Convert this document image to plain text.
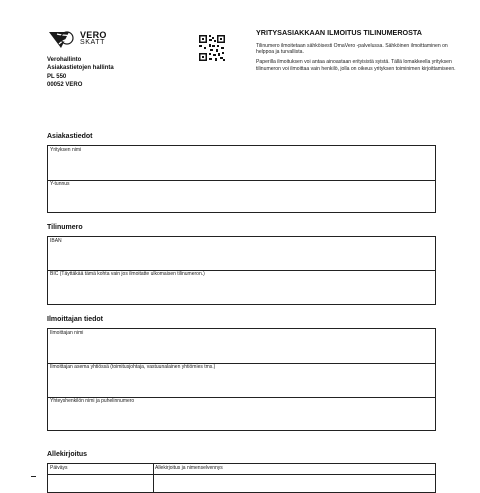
VERO
SKATT
Verohallinto
Asiakastietojen hallinta
PL 550
00052 VERO
YRITYSASIAKKAAN ILMOITUS TILINUMEROSTA

Tilinumero ilmoitetaan sähköisesti OmaVero -palvelussa. Sähköinen ilmoittaminen on helppoa ja turvallista.

Paperilla ilmoituksen voi antaa ainoastaan erityisistä syistä. Tällä lomakkeella yrityksen tilinumeron voi ilmoittaa vain henkilö, jolla on oikeus yrityksen toiminimen kirjoittamiseen.

Asiakastiedot
Yrityksen nimi
Y-tunnus
Tilinumero
IBAN
BIC (Täyttäkää tämä kohta vain jos ilmoitatte ulkomaisen tilinumeron.)
Ilmoittajan tiedot
Ilmoittajan nimi
Ilmoittajan asema yhtiössä (toimitusjohtaja, vastuunalainen yhtiömies tms.)
Yhteyshenkilön nimi ja puhelinnumero
Allekirjoitus
Päiväys	Allekirjoitus ja nimenselvennys
